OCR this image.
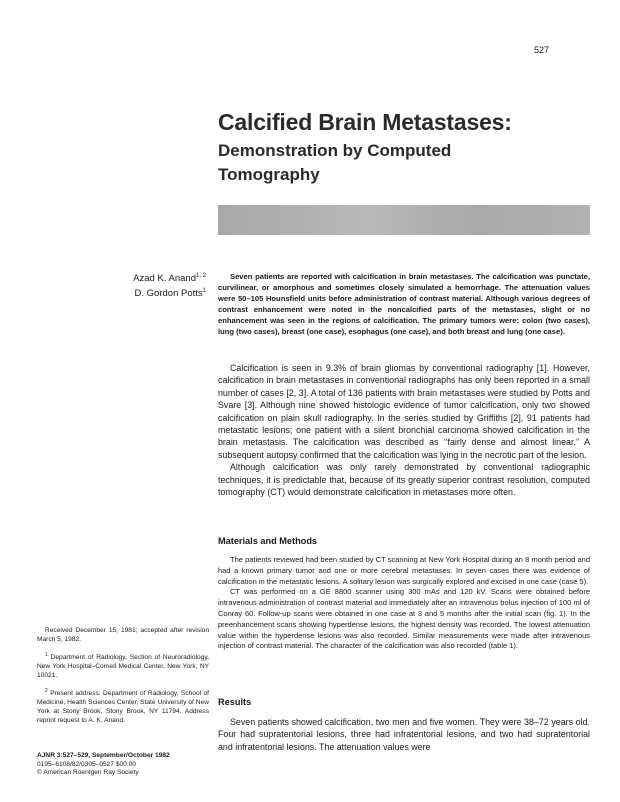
527
Calcified Brain Metastases:
Demonstration by Computed
Tomography
Azad K. Anand$^{1, 2}$
D. Gordon Potts$^1$

Seven patients are reported with calcification in brain metastases. The calcification was punctate, curvilinear, or amorphous and sometimes closely simulated a hemorrhage. The attenuation values were 50–105 Hounsfield units before administration of contrast material. Although various degrees of contrast enhancement were noted in the noncalcified parts of the metastases, slight or no enhancement was seen in the regions of calcification. The primary tumors were: colon (two cases), lung (two cases), breast (one case), esophagus (one case), and both breast and lung (one case).

Calcification is seen in 9.3% of brain gliomas by conventional radiography [1]. However, calcification in brain metastases in conventional radiographs has only been reported in a small number of cases [2, 3]. A total of 136 patients with brain metastases were studied by Potts and Svare [3]. Although nine showed histologic evidence of tumor calcification, only two showed calcification on plain skull radiography. In the series studied by Griffiths [2], 91 patients had metastatic lesions; one patient with a silent bronchial carcinoma showed calcification in the brain metastasis. The calcification was described as ‘‘fairly dense and almost linear.’’ A subsequent autopsy confirmed that the calcification was lying in the necrotic part of the lesion.

Although calcification was only rarely demonstrated by conventional radiographic techniques, it is predictable that, because of its greatly superior contrast resolution, computed tomography (CT) would demonstrate calcification in metastases more often.

Materials and Methods

The patients reviewed had been studied by CT scanning at New York Hospital during an 8 month period and had a known primary tumor and one or more cerebral metastases. In seven cases there was evidence of calcification in the metastatic lesions. A solitary lesion was surgically explored and excised in one case (case 5).

CT was performed on a GE 8800 scanner using 300 mAs and 120 kV. Scans were obtained before intravenous administration of contrast material and immediately after an intravenous bolus injection of 100 ml of Conray 60. Follow-up scans were obtained in one case at 3 and 5 months after the initial scan (fig. 1). In the preenhancement scans showing hyperdense lesions, the highest density was recorded. The lowest attenuation value within the hyperdense lesions was also recorded. Similar measurements were made after intravenous injection of contrast material. The character of the calcification was also recorded (table 1).

Results

Seven patients showed calcification, two men and five women. They were 38–72 years old. Four had supratentorial lesions, three had infratentorial lesions, and two had supratentorial and infratentorial lesions. The attenuation values were

Received December 15, 1981; accepted after revision March 5, 1982.

$^1$ Department of Radiology, Section of Neuroradiology, New York Hospital–Cornell Medical Center, New York, NY 10021.

$^2$ Present address: Department of Radiology, School of Medicine, Health Sciences Center, State University of New York at Stony Brook, Stony Brook, NY 11794. Address reprint request to A. K. Anand.

AJNR 3:527–529, September/October 1982
0195–6108/82/0305–0527 $00.00
© American Roentgen Ray Society
